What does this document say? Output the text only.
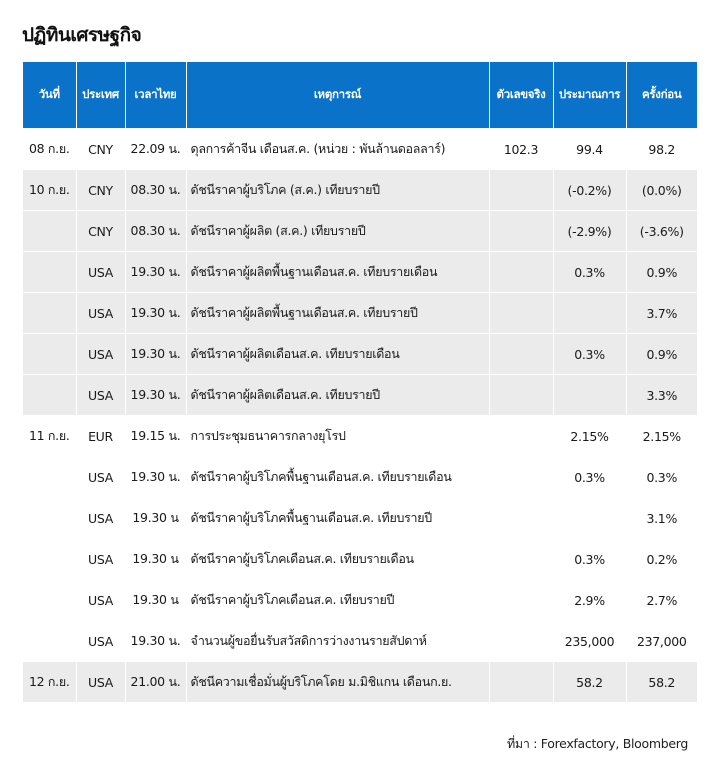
ปฏิทินเศรษฐกิจ
วันที่	ประเทศ	เวลาไทย	เหตุการณ์	ตัวเลขจริง	ประมาณการ	ครั้งก่อน
08 ก.ย.	CNY	22.09 น.	ดุลการค้าจีน เดือนส.ค. (หน่วย : พันล้านดอลลาร์)	102.3	99.4	98.2
10 ก.ย.	CNY	08.30 น.	ดัชนีราคาผู้บริโภค (ส.ค.) เทียบรายปี		(-0.2%)	(0.0%)
	CNY	08.30 น.	ดัชนีราคาผู้ผลิต (ส.ค.) เทียบรายปี		(-2.9%)	(-3.6%)
	USA	19.30 น.	ดัชนีราคาผู้ผลิตพื้นฐานเดือนส.ค. เทียบรายเดือน		0.3%	0.9%
	USA	19.30 น.	ดัชนีราคาผู้ผลิตพื้นฐานเดือนส.ค. เทียบรายปี			3.7%
	USA	19.30 น.	ดัชนีราคาผู้ผลิตเดือนส.ค. เทียบรายเดือน		0.3%	0.9%
	USA	19.30 น.	ดัชนีราคาผู้ผลิตเดือนส.ค. เทียบรายปี			3.3%
11 ก.ย.	EUR	19.15 น.	การประชุมธนาคารกลางยุโรป		2.15%	2.15%
	USA	19.30 น.	ดัชนีราคาผู้บริโภคพื้นฐานเดือนส.ค. เทียบรายเดือน		0.3%	0.3%
	USA	19.30 น	ดัชนีราคาผู้บริโภคพื้นฐานเดือนส.ค. เทียบรายปี			3.1%
	USA	19.30 น	ดัชนีราคาผู้บริโภคเดือนส.ค. เทียบรายเดือน		0.3%	0.2%
	USA	19.30 น	ดัชนีราคาผู้บริโภคเดือนส.ค. เทียบรายปี		2.9%	2.7%
	USA	19.30 น.	จำนวนผู้ขอยื่นรับสวัสดิการว่างงานรายสัปดาห์		235,000	237,000
12 ก.ย.	USA	21.00 น.	ดัชนีความเชื่อมั่นผู้บริโภคโดย ม.มิชิแกน เดือนก.ย.		58.2	58.2
ที่มา : Forexfactory, Bloomberg
